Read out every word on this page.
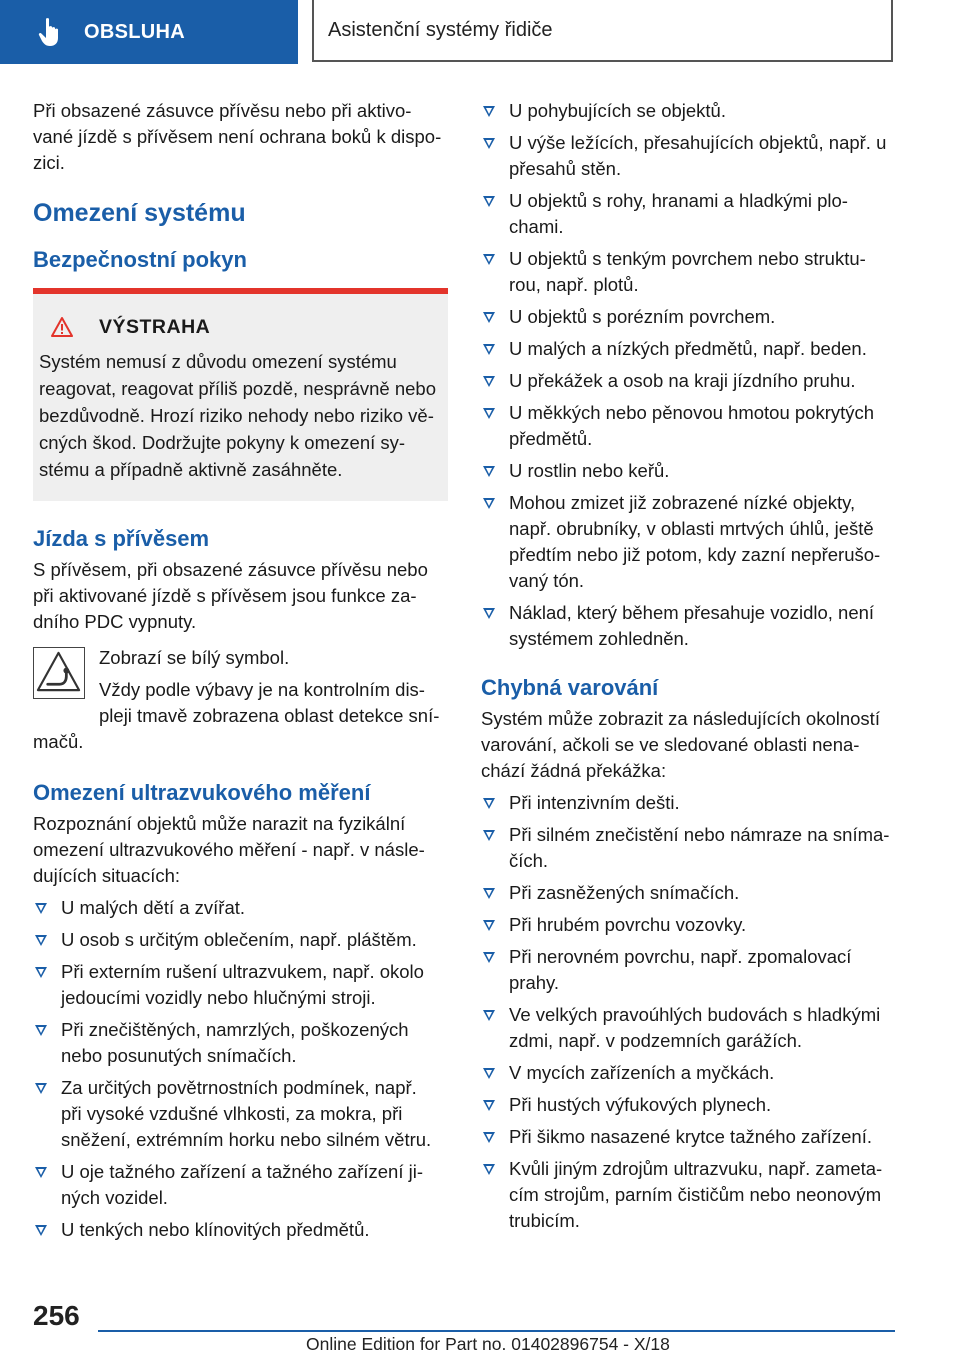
OBSLUHA	Asistenční systémy řidiče

Při obsazené zásuvce přívěsu nebo při aktivo-
vané jízdě s přívěsem není ochrana boků k dispo-
zici.

Omezení systému
Bezpečnostní pokyn
VÝSTRAHA

Systém nemusí z důvodu omezení systému
reagovat, reagovat příliš pozdě, nesprávně nebo
bezdůvodně. Hrozí riziko nehody nebo riziko vě-
cných škod. Dodržujte pokyny k omezení sy-
stému a případně aktivně zasáhněte.

Jízda s přívěsem

S přívěsem, při obsazené zásuvce přívěsu nebo
při aktivované jízdě s přívěsem jsou funkce za-
dního PDC vypnuty.

Zobrazí se bílý symbol.

Vždy podle výbavy je na kontrolním dis-
pleji tmavě zobrazena oblast detekce sní-

mačů.

Omezení ultrazvukového měření

Rozpoznání objektů může narazit na fyzikální
omezení ultrazvukového měření - např. v násle-
dujících situacích:

U malých dětí a zvířat.
U osob s určitým oblečením, např. pláštěm.
Při externím rušení ultrazvukem, např. okolo
jedoucími vozidly nebo hlučnými stroji.
Při znečištěných, namrzlých, poškozených
nebo posunutých snímačích.
Za určitých povětrnostních podmínek, např.
při vysoké vzdušné vlhkosti, za mokra, při
sněžení, extrémním horku nebo silném větru.
U oje tažného zařízení a tažného zařízení ji-
ných vozidel.
U tenkých nebo klínovitých předmětů.
U pohybujících se objektů.
U výše ležících, přesahujících objektů, např. u
přesahů stěn.
U objektů s rohy, hranami a hladkými plo-
chami.
U objektů s tenkým povrchem nebo struktu-
rou, např. plotů.
U objektů s porézním povrchem.
U malých a nízkých předmětů, např. beden.
U překážek a osob na kraji jízdního pruhu.
U měkkých nebo pěnovou hmotou pokrytých
předmětů.
U rostlin nebo keřů.
Mohou zmizet již zobrazené nízké objekty,
např. obrubníky, v oblasti mrtvých úhlů, ještě
předtím nebo již potom, kdy zazní nepřerušo-
vaný tón.
Náklad, který během přesahuje vozidlo, není
systémem zohledněn.
Chybná varování

Systém může zobrazit za následujících okolností
varování, ačkoli se ve sledované oblasti nena-
chází žádná překážka:

Při intenzivním dešti.
Při silném znečistění nebo námraze na sníma-
čích.
Při zasněžených snímačích.
Při hrubém povrchu vozovky.
Při nerovném povrchu, např. zpomalovací
prahy.
Ve velkých pravoúhlých budovách s hladkými
zdmi, např. v podzemních garážích.
V mycích zařízeních a myčkách.
Při hustých výfukových plynech.
Při šikmo nasazené krytce tažného zařízení.
Kvůli jiným zdrojům ultrazvuku, např. zameta-
cím strojům, parním čističům nebo neonovým
trubicím.
256
Online Edition for Part no. 01402896754 - X/18
